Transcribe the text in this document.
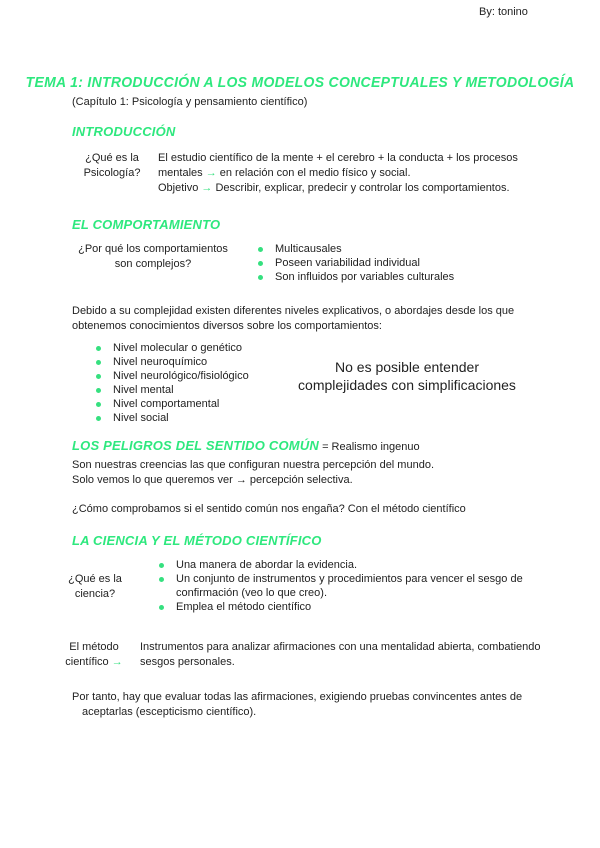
By: tonino
TEMA 1: INTRODUCCIÓN A LOS MODELOS CONCEPTUALES Y METODOLOGÍA
(Capítulo 1: Psicología y pensamiento científico)
INTRODUCCIÓN
¿Qué es la
Psicología?
El estudio científico de la mente + el cerebro + la conducta + los procesos
mentales → en relación con el medio físico y social.
Objetivo → Describir, explicar, predecir y controlar los comportamientos.
EL COMPORTAMIENTO
¿Por qué los comportamientos
son complejos?
Multicausales
Poseen variabilidad individual
Son influidos por variables culturales
Debido a su complejidad existen diferentes niveles explicativos, o abordajes desde los que
obtenemos conocimientos diversos sobre los comportamientos:
Nivel molecular o genético
Nivel neuroquímico
Nivel neurológico/fisiológico
Nivel mental
Nivel comportamental
Nivel social
No es posible entender
complejidades con simplificaciones
LOS PELIGROS DEL SENTIDO COMÚN = Realismo ingenuo
Son nuestras creencias las que configuran nuestra percepción del mundo.
Solo vemos lo que queremos ver → percepción selectiva.
¿Cómo comprobamos si el sentido común nos engaña? Con el método científico
LA CIENCIA Y EL MÉTODO CIENTÍFICO
¿Qué es la
ciencia?
Una manera de abordar la evidencia.
Un conjunto de instrumentos y procedimientos para vencer el sesgo de confirmación (veo lo que creo).
Emplea el método científico
El método
científico →
Instrumentos para analizar afirmaciones con una mentalidad abierta, combatiendo
sesgos personales.
Por tanto, hay que evaluar todas las afirmaciones, exigiendo pruebas convincentes antes de
aceptarlas (escepticismo científico).
